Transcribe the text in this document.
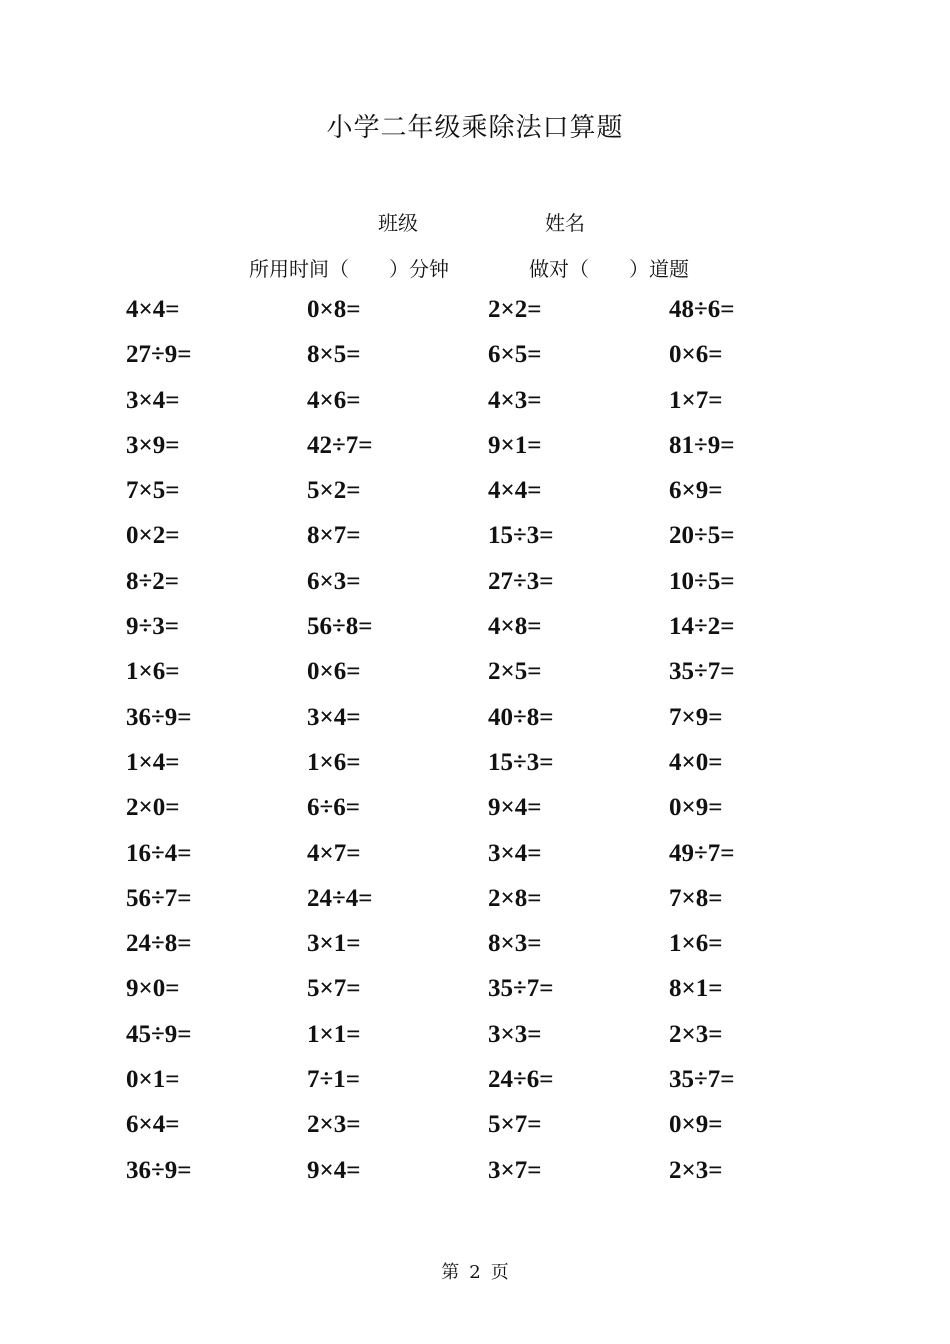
小学二年级乘除法口算题
班级	姓名
所用时间（　　）分钟	做对（　　）道题
4×4=	0×8=	2×2=	48÷6=
27÷9=	8×5=	6×5=	0×6=
3×4=	4×6=	4×3=	1×7=
3×9=	42÷7=	9×1=	81÷9=
7×5=	5×2=	4×4=	6×9=
0×2=	8×7=	15÷3=	20÷5=
8÷2=	6×3=	27÷3=	10÷5=
9÷3=	56÷8=	4×8=	14÷2=
1×6=	0×6=	2×5=	35÷7=
36÷9=	3×4=	40÷8=	7×9=
1×4=	1×6=	15÷3=	4×0=
2×0=	6÷6=	9×4=	0×9=
16÷4=	4×7=	3×4=	49÷7=
56÷7=	24÷4=	2×8=	7×8=
24÷8=	3×1=	8×3=	1×6=
9×0=	5×7=	35÷7=	8×1=
45÷9=	1×1=	3×3=	2×3=
0×1=	7÷1=	24÷6=	35÷7=
6×4=	2×3=	5×7=	0×9=
36÷9=	9×4=	3×7=	2×3=
第 2 页
